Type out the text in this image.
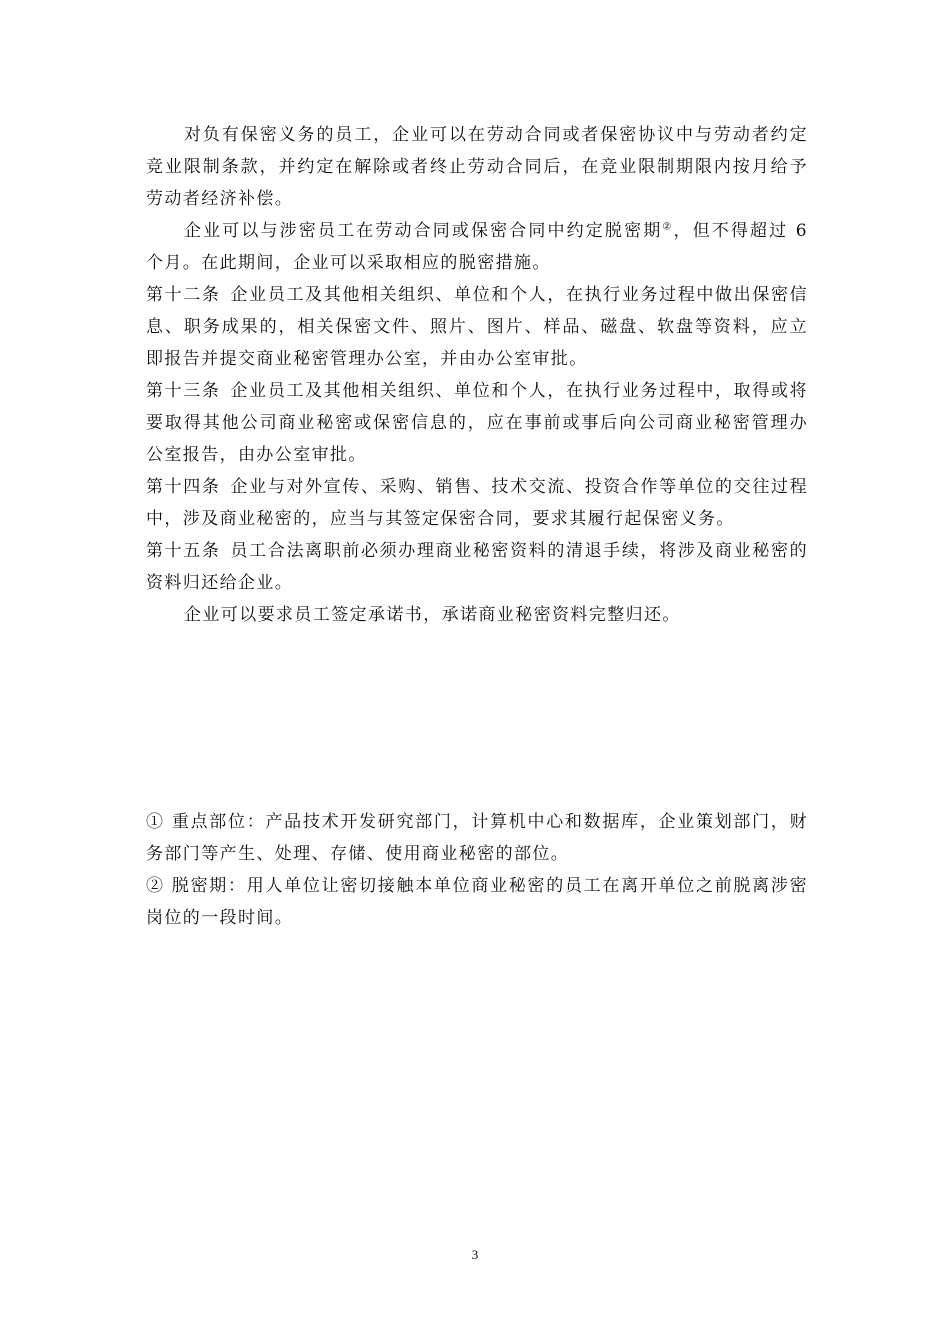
对负有保密义务的员工，企业可以在劳动合同或者保密协议中与劳动者约定竞业限制条款，并约定在解除或者终止劳动合同后，在竞业限制期限内按月给予劳动者经济补偿。

企业可以与涉密员工在劳动合同或保密合同中约定脱密期②，但不得超过 6 个月。在此期间，企业可以采取相应的脱密措施。

第十二条 企业员工及其他相关组织、单位和个人，在执行业务过程中做出保密信息、职务成果的，相关保密文件、照片、图片、样品、磁盘、软盘等资料，应立即报告并提交商业秘密管理办公室，并由办公室审批。

第十三条 企业员工及其他相关组织、单位和个人，在执行业务过程中，取得或将要取得其他公司商业秘密或保密信息的，应在事前或事后向公司商业秘密管理办公室报告，由办公室审批。

第十四条 企业与对外宣传、采购、销售、技术交流、投资合作等单位的交往过程中，涉及商业秘密的，应当与其签定保密合同，要求其履行起保密义务。

第十五条 员工合法离职前必须办理商业秘密资料的清退手续，将涉及商业秘密的资料归还给企业。

企业可以要求员工签定承诺书，承诺商业秘密资料完整归还。

① 重点部位：产品技术开发研究部门，计算机中心和数据库，企业策划部门，财务部门等产生、处理、存储、使用商业秘密的部位。

② 脱密期：用人单位让密切接触本单位商业秘密的员工在离开单位之前脱离涉密岗位的一段时间。

3
